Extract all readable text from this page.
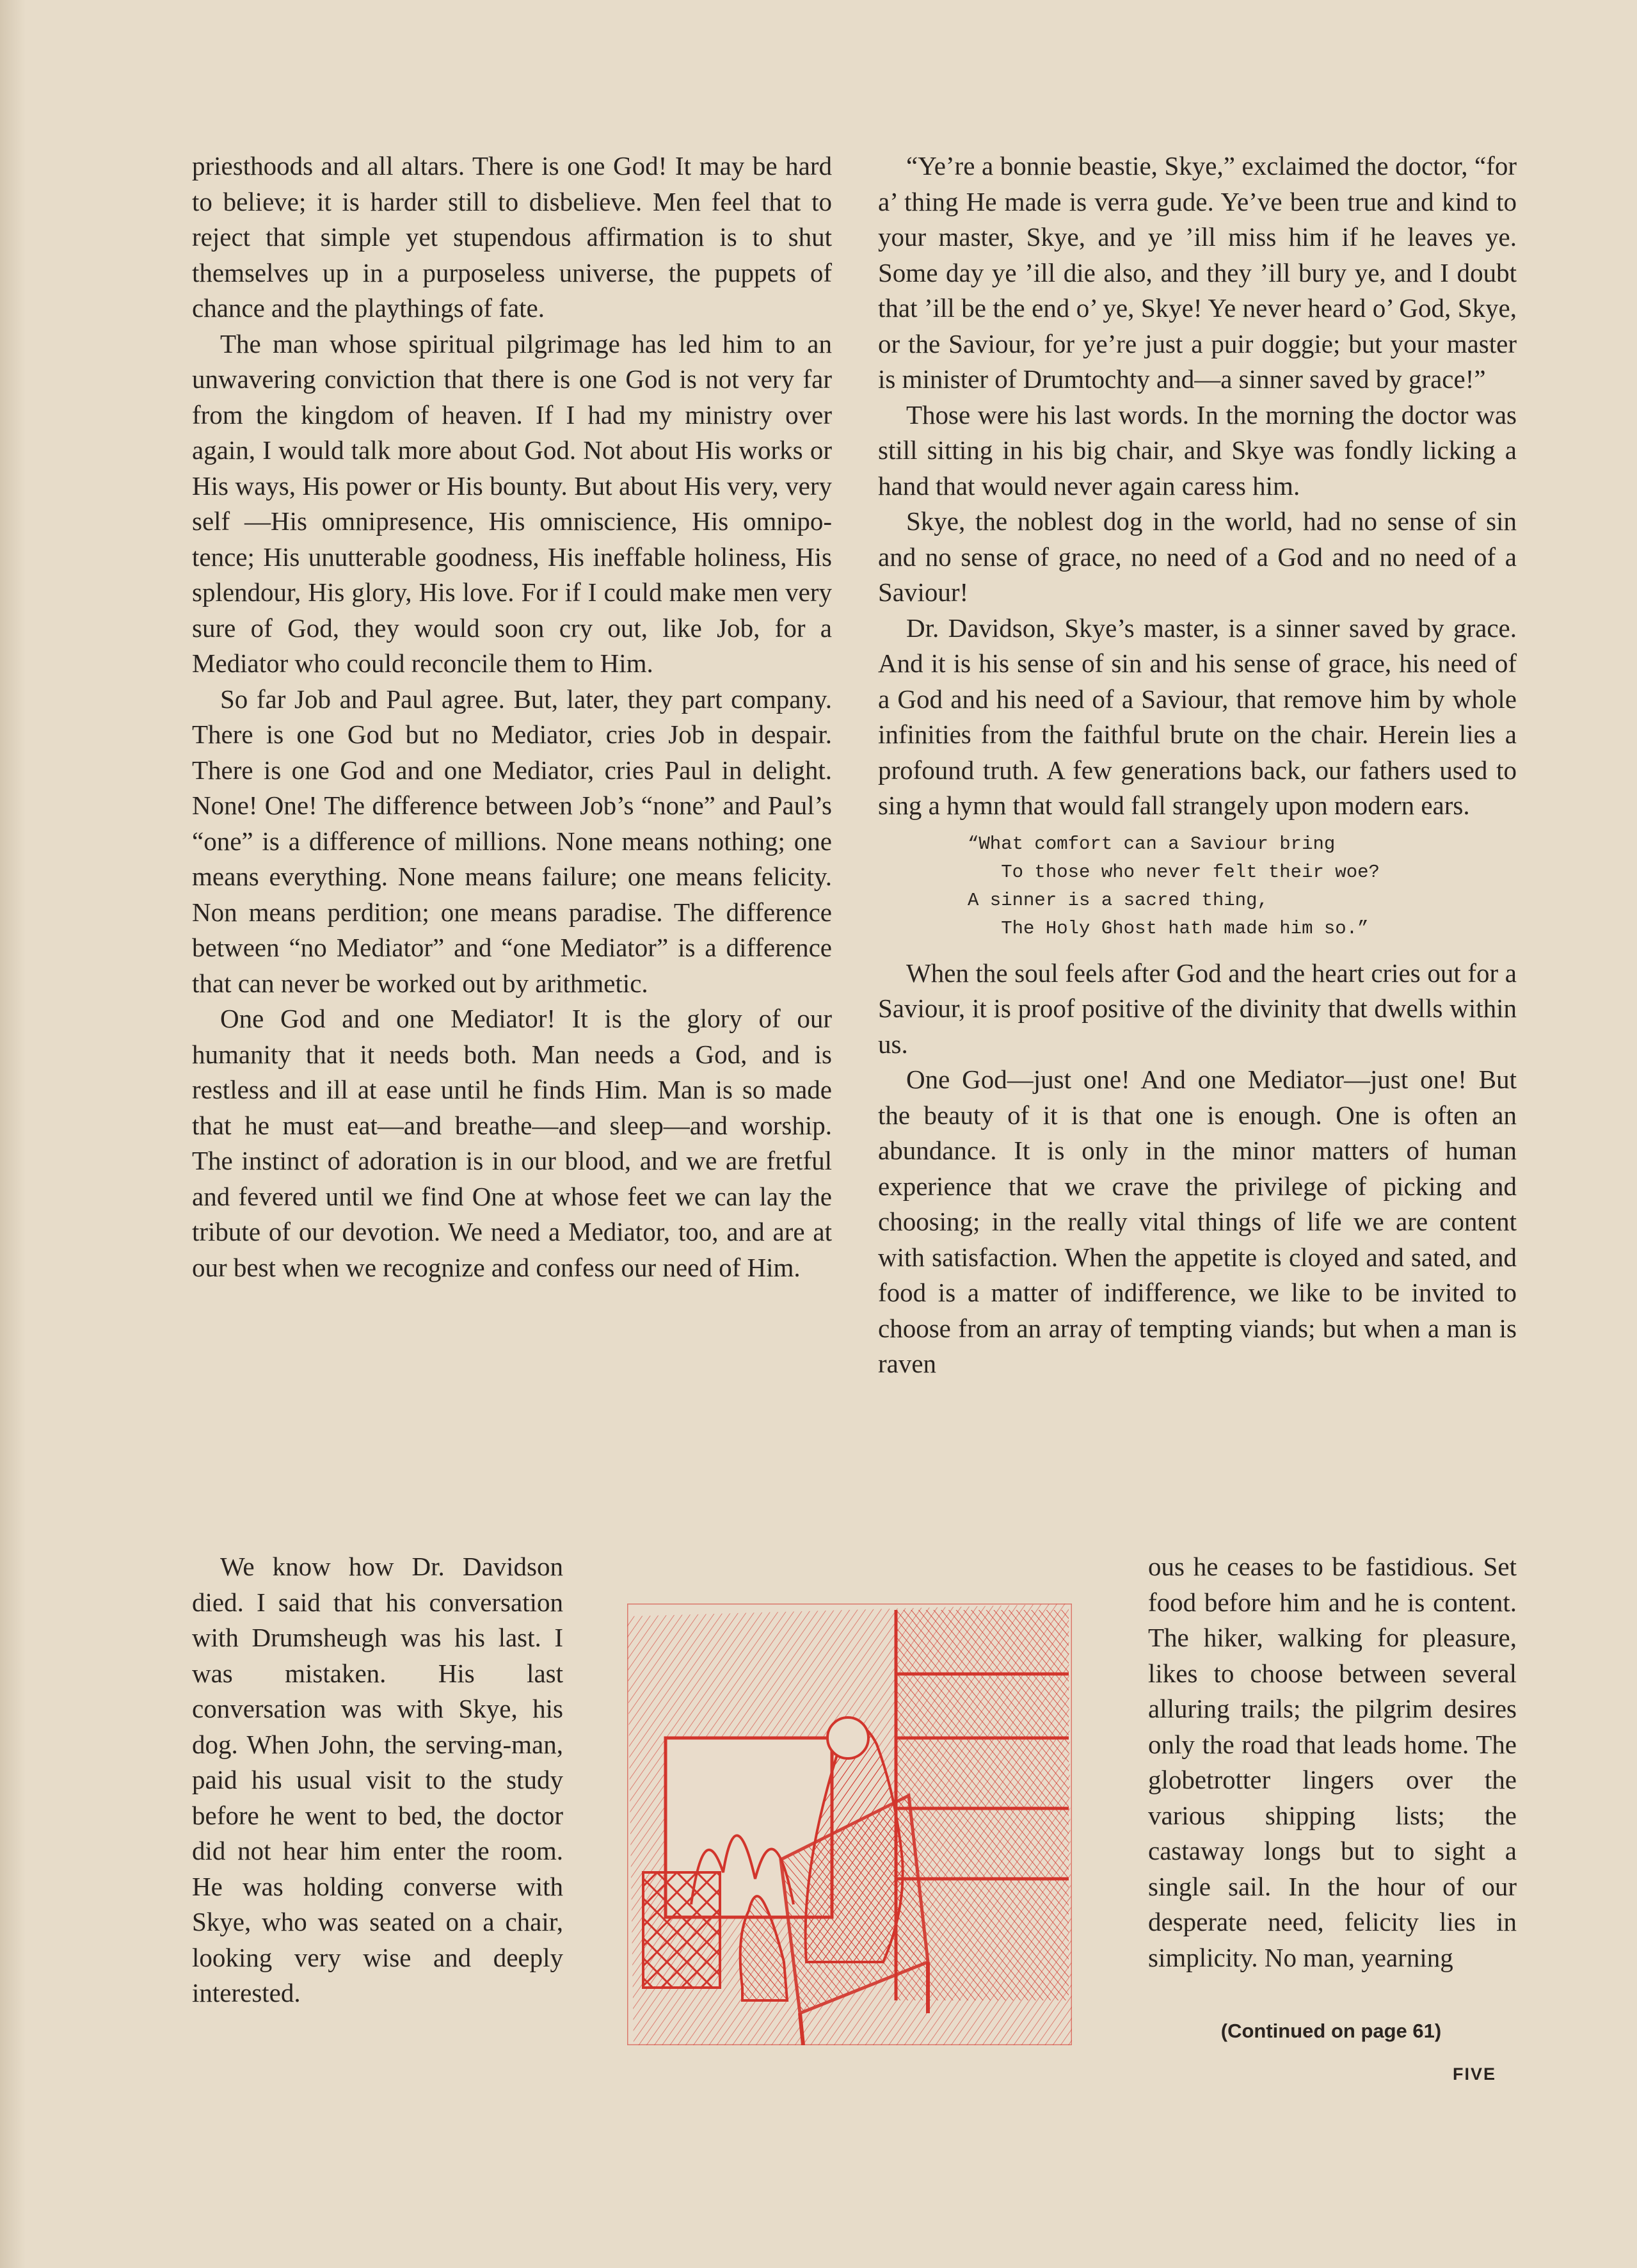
priesthoods and all altars. There is one God! It may be hard to believe; it is harder still to disbelieve. Men feel that to reject that simple yet stupendous affirmation is to shut themselves up in a purposeless universe, the puppets of chance and the playthings of fate.

The man whose spiritual pilgrimage has led him to an unwavering conviction that there is one God is not very far from the kingdom of heaven. If I had my ministry over again, I would talk more about God. Not about His works or His ways, His power or His bounty. But about His very, very self —His omnipresence, His omniscience, His omnipotence; His unutterable goodness, His ineffable holiness, His splendour, His glory, His love. For if I could make men very sure of God, they would soon cry out, like Job, for a Mediator who could reconcile them to Him.

So far Job and Paul agree. But, later, they part company. There is one God but no Mediator, cries Job in despair. There is one God and one Mediator, cries Paul in delight. None! One! The difference between Job’s “none” and Paul’s “one” is a difference of millions. None means nothing; one means everything. None means failure; one means felicity. Non means perdition; one means paradise. The difference between “no Mediator” and “one Mediator” is a difference that can never be worked out by arithmetic.

One God and one Mediator! It is the glory of our humanity that it needs both. Man needs a God, and is restless and ill at ease until he finds Him. Man is so made that he must eat—and breathe—and sleep—and worship. The instinct of adoration is in our blood, and we are fretful and fevered until we find One at whose feet we can lay the tribute of our devotion. We need a Mediator, too, and are at our best when we recognize and confess our need of Him.

We know how Dr. Davidson died. I said that his conversation with Drumsheugh was his last. I was mistaken. His last conversation was with Skye, his dog. When John, the serving-man, paid his usual visit to the study before he went to bed, the doctor did not hear him enter the room. He was holding converse with Skye, who was seated on a chair, looking very wise and deeply interested.

“Ye’re a bonnie beastie, Skye,” exclaimed the doctor, “for a’ thing He made is verra gude. Ye’ve been true and kind to your master, Skye, and ye ’ill miss him if he leaves ye. Some day ye ’ill die also, and they ’ill bury ye, and I doubt that ’ill be the end o’ ye, Skye! Ye never heard o’ God, Skye, or the Saviour, for ye’re just a puir doggie; but your master is minister of Drumtochty and—a sinner saved by grace!”

Those were his last words. In the morning the doctor was still sitting in his big chair, and Skye was fondly licking a hand that would never again caress him.

Skye, the noblest dog in the world, had no sense of sin and no sense of grace, no need of a God and no need of a Saviour!

Dr. Davidson, Skye’s master, is a sinner saved by grace. And it is his sense of sin and his sense of grace, his need of a God and his need of a Saviour, that remove him by whole infinities from the faithful brute on the chair. Herein lies a profound truth. A few generations back, our fathers used to sing a hymn that would fall strangely upon modern ears.

“What comfort can a Saviour bring
To those who never felt their woe?
A sinner is a sacred thing,
The Holy Ghost hath made him so.”

When the soul feels after God and the heart cries out for a Saviour, it is proof positive of the divinity that dwells within us.

One God—just one! And one Mediator—just one! But the beauty of it is that one is enough. One is often an abundance. It is only in the minor matters of human experience that we crave the privilege of picking and choosing; in the really vital things of life we are content with satisfaction. When the appetite is cloyed and sated, and food is a matter of indifference, we like to be invited to choose from an array of tempting viands; but when a man is raven

ous he ceases to be fastidious. Set food before him and he is content. The hiker, walking for pleasure, likes to choose between several alluring trails; the pilgrim desires only the road that leads home. The globetrotter lingers over the various shipping lists; the castaway longs but to sight a single sail. In the hour of our desperate need, felicity lies in simplicity. No man, yearning

(Continued on page 61)
FIVE
